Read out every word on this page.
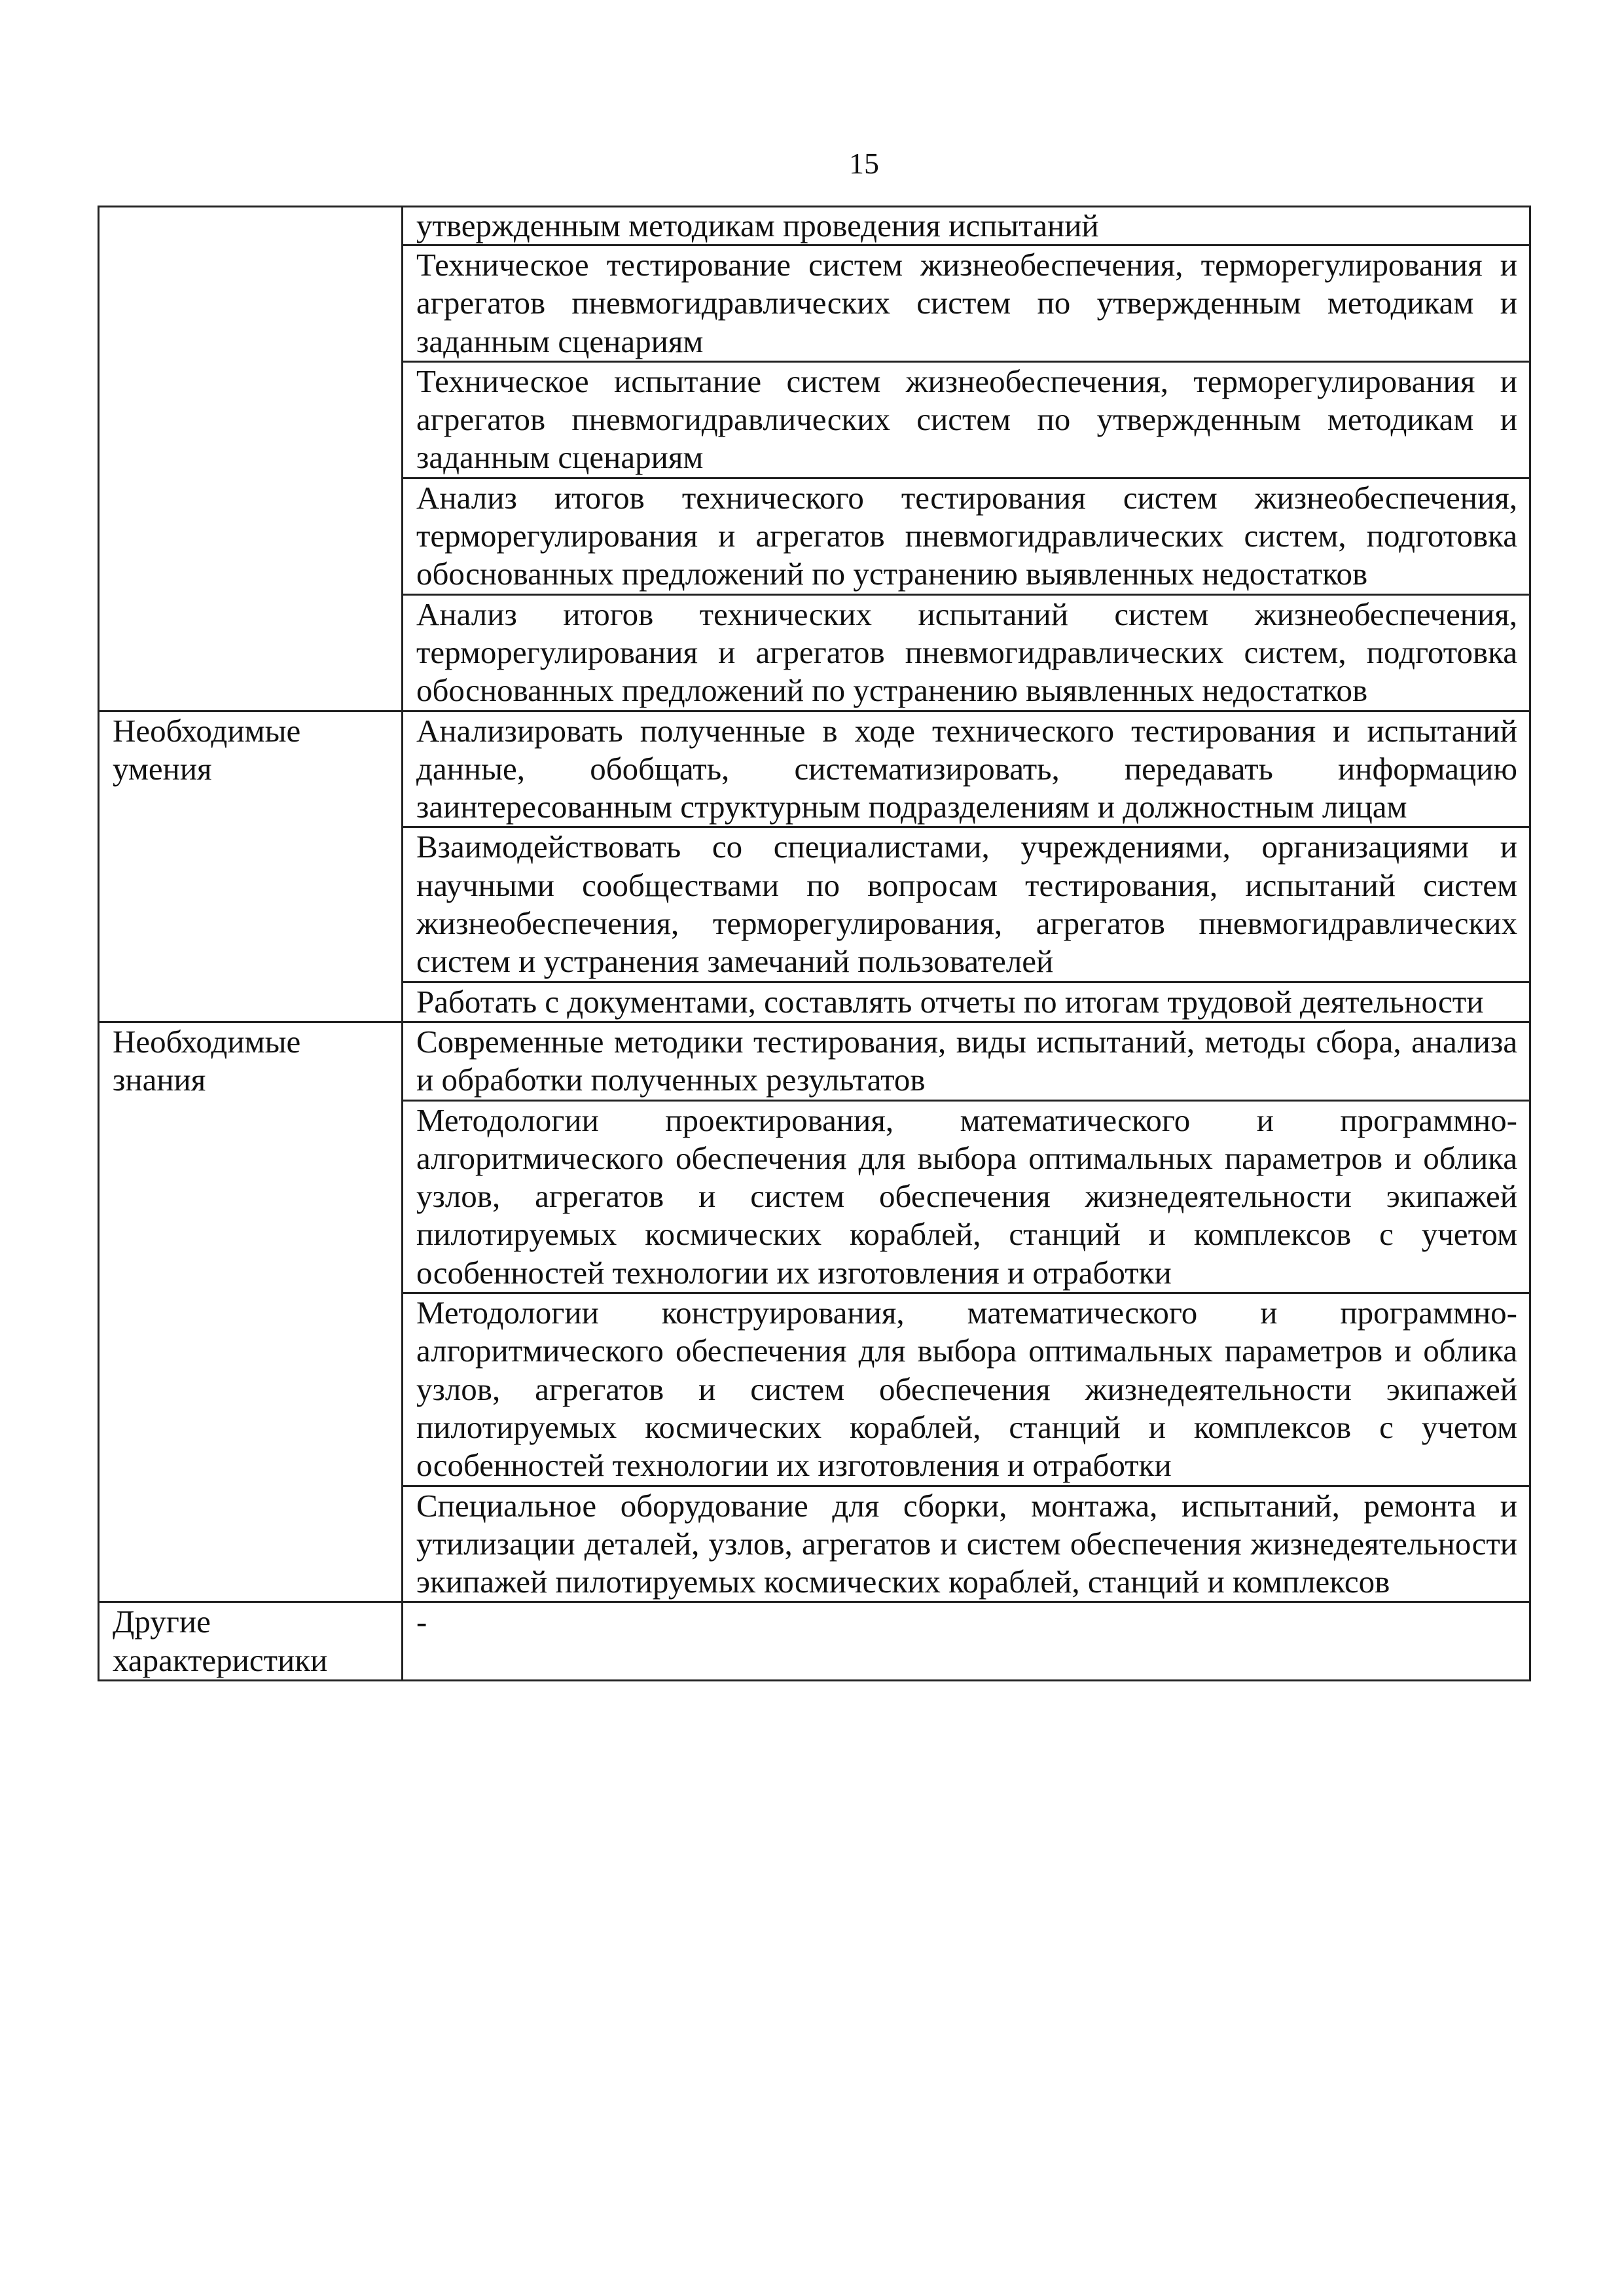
15
	утвержденным методикам проведения испытаний
	Техническое тестирование систем жизнеобеспечения, терморегулирования и агрегатов пневмогидравлических систем по утвержденным методикам и заданным сценариям
	Техническое испытание систем жизнеобеспечения, терморегулирования и агрегатов пневмогидравлических систем по утвержденным методикам и заданным сценариям
	Анализ итогов технического тестирования систем жизнеобеспечения, терморегулирования и агрегатов пневмогидравлических систем, подготовка обоснованных предложений по устранению выявленных недостатков
	Анализ итогов технических испытаний систем жизнеобеспечения, терморегулирования и агрегатов пневмогидравлических систем, подготовка обоснованных предложений по устранению выявленных недостатков
Необходимые умения	Анализировать полученные в ходе технического тестирования и испытаний данные, обобщать, систематизировать, передавать информацию заинтересованным структурным подразделениям и должностным лицам
	Взаимодействовать со специалистами, учреждениями, организациями и научными сообществами по вопросам тестирования, испытаний систем жизнеобеспечения, терморегулирования, агрегатов пневмогидравлических систем и устранения замечаний пользователей
	Работать с документами, составлять отчеты по итогам трудовой деятельности
Необходимые знания	Современные методики тестирования, виды испытаний, методы сбора, анализа и обработки полученных результатов
	Методологии проектирования, математического и программно-алгоритмического обеспечения для выбора оптимальных параметров и облика узлов, агрегатов и систем обеспечения жизнедеятельности экипажей пилотируемых космических кораблей, станций и комплексов с учетом особенностей технологии их изготовления и отработки
	Методологии конструирования, математического и программно-алгоритмического обеспечения для выбора оптимальных параметров и облика узлов, агрегатов и систем обеспечения жизнедеятельности экипажей пилотируемых космических кораблей, станций и комплексов с учетом особенностей технологии их изготовления и отработки
	Специальное оборудование для сборки, монтажа, испытаний, ремонта и утилизации деталей, узлов, агрегатов и систем обеспечения жизнедеятельности экипажей пилотируемых космических кораблей, станций и комплексов
Другие характеристики	-
